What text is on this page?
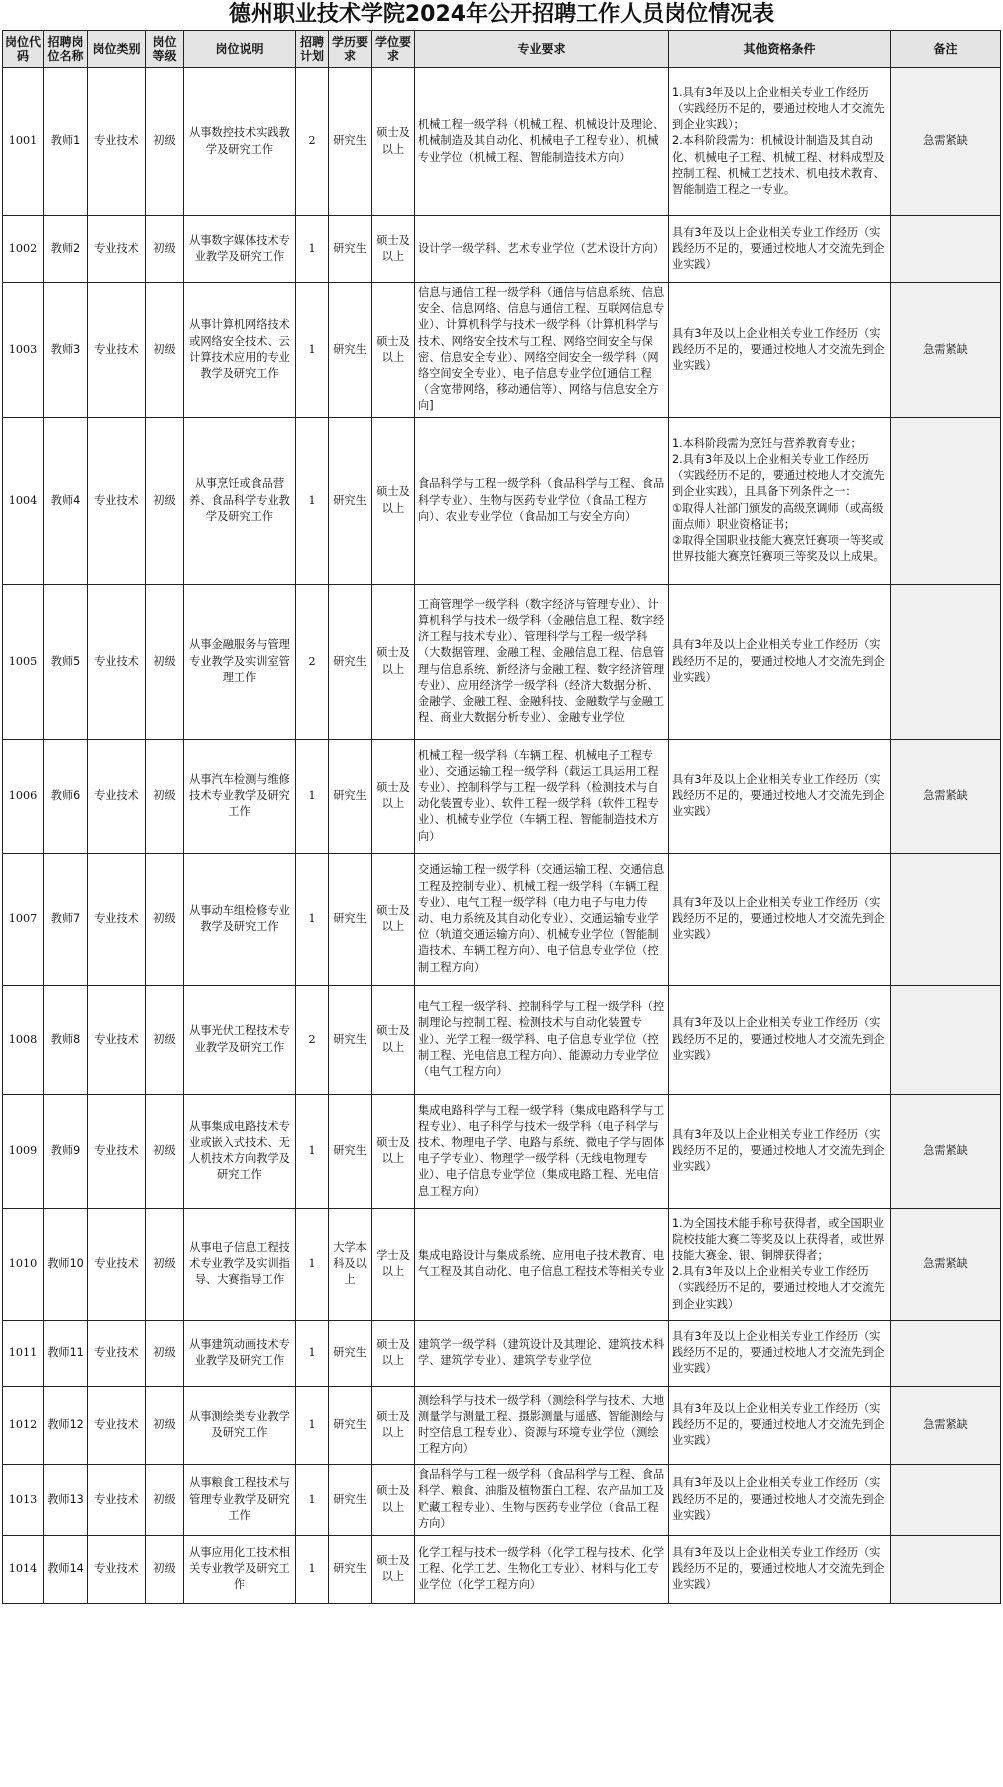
德州职业技术学院2024年公开招聘工作人员岗位情况表
岗位代码	招聘岗位名称	岗位类别	岗位等级	岗位说明	招聘计划	学历要求	学位要求	专业要求	其他资格条件	备注
1001	教师1	专业技术	初级	从事数控技术实践教学及研究工作	2	研究生	硕士及以上	机械工程一级学科（机械工程、机械设计及理论、机械制造及其自动化、机械电子工程专业）、机械专业学位（机械工程、智能制造技术方向）	1.具有3年及以上企业相关专业工作经历（实践经历不足的，要通过校地人才交流先到企业实践）；
2.本科阶段需为：机械设计制造及其自动化、机械电子工程、机械工程、材料成型及控制工程、机械工艺技术、机电技术教育、智能制造工程之一专业。	急需紧缺
1002	教师2	专业技术	初级	从事数字媒体技术专业教学及研究工作	1	研究生	硕士及以上	设计学一级学科、艺术专业学位（艺术设计方向）	具有3年及以上企业相关专业工作经历（实践经历不足的，要通过校地人才交流先到企业实践）	
1003	教师3	专业技术	初级	从事计算机网络技术或网络安全技术、云计算技术应用的专业教学及研究工作	1	研究生	硕士及以上	信息与通信工程一级学科（通信与信息系统、信息安全、信息网络、信息与通信工程、互联网信息专业）、计算机科学与技术一级学科（计算机科学与技术、网络安全技术与工程、网络空间安全与保密、信息安全专业）、网络空间安全一级学科（网络空间安全专业）、电子信息专业学位[通信工程（含宽带网络，移动通信等）、网络与信息安全方向]	具有3年及以上企业相关专业工作经历（实践经历不足的，要通过校地人才交流先到企业实践）	急需紧缺
1004	教师4	专业技术	初级	从事烹饪或食品营养、食品科学专业教学及研究工作	1	研究生	硕士及以上	食品科学与工程一级学科（食品科学与工程、食品科学专业）、生物与医药专业学位（食品工程方向）、农业专业学位（食品加工与安全方向）	1.本科阶段需为烹饪与营养教育专业；
2.具有3年及以上企业相关专业工作经历（实践经历不足的，要通过校地人才交流先到企业实践），且具备下列条件之一：
①取得人社部门颁发的高级烹调师（或高级面点师）职业资格证书；
②取得全国职业技能大赛烹饪赛项一等奖或世界技能大赛烹饪赛项三等奖及以上成果。	
1005	教师5	专业技术	初级	从事金融服务与管理专业教学及实训室管理工作	2	研究生	硕士及以上	工商管理学一级学科（数字经济与管理专业）、计算机科学与技术一级学科（金融信息工程、数字经济工程与技术专业）、管理科学与工程一级学科（大数据管理、金融工程、金融信息工程、信息管理与信息系统、新经济与金融工程、数字经济管理专业）、应用经济学一级学科（经济大数据分析、金融学、金融工程、金融科技、金融数学与金融工程、商业大数据分析专业）、金融专业学位	具有3年及以上企业相关专业工作经历（实践经历不足的，要通过校地人才交流先到企业实践）	
1006	教师6	专业技术	初级	从事汽车检测与维修技术专业教学及研究工作	1	研究生	硕士及以上	机械工程一级学科（车辆工程、机械电子工程专业）、交通运输工程一级学科（载运工具运用工程专业）、控制科学与工程一级学科（检测技术与自动化装置专业）、软件工程一级学科（软件工程专业）、机械专业学位（车辆工程、智能制造技术方向）	具有3年及以上企业相关专业工作经历（实践经历不足的，要通过校地人才交流先到企业实践）	急需紧缺
1007	教师7	专业技术	初级	从事动车组检修专业教学及研究工作	1	研究生	硕士及以上	交通运输工程一级学科（交通运输工程、交通信息工程及控制专业）、机械工程一级学科（车辆工程专业）、电气工程一级学科（电力电子与电力传动、电力系统及其自动化专业）、交通运输专业学位（轨道交通运输方向）、机械专业学位（智能制造技术、车辆工程方向）、电子信息专业学位（控制工程方向）	具有3年及以上企业相关专业工作经历（实践经历不足的，要通过校地人才交流先到企业实践）	
1008	教师8	专业技术	初级	从事光伏工程技术专业教学及研究工作	2	研究生	硕士及以上	电气工程一级学科、控制科学与工程一级学科（控制理论与控制工程、检测技术与自动化装置专业）、光学工程一级学科、电子信息专业学位（控制工程、光电信息工程方向）、能源动力专业学位（电气工程方向）	具有3年及以上企业相关专业工作经历（实践经历不足的，要通过校地人才交流先到企业实践）	
1009	教师9	专业技术	初级	从事集成电路技术专业或嵌入式技术、无人机技术方向教学及研究工作	1	研究生	硕士及以上	集成电路科学与工程一级学科（集成电路科学与工程专业）、电子科学与技术一级学科（电子科学与技术、物理电子学、电路与系统、微电子学与固体电子学专业）、物理学一级学科（无线电物理专业）、电子信息专业学位（集成电路工程、光电信息工程方向）	具有3年及以上企业相关专业工作经历（实践经历不足的，要通过校地人才交流先到企业实践）	急需紧缺
1010	教师10	专业技术	初级	从事电子信息工程技术专业教学及实训指导、大赛指导工作	1	大学本科及以上	学士及以上	集成电路设计与集成系统、应用电子技术教育、电气工程及其自动化、电子信息工程技术等相关专业	1.为全国技术能手称号获得者，或全国职业院校技能大赛二等奖及以上获得者，或世界技能大赛金、银、铜牌获得者；
2.具有3年及以上企业相关专业工作经历（实践经历不足的，要通过校地人才交流先到企业实践）	急需紧缺
1011	教师11	专业技术	初级	从事建筑动画技术专业教学及研究工作	1	研究生	硕士及以上	建筑学一级学科（建筑设计及其理论、建筑技术科学、建筑学专业）、建筑学专业学位	具有3年及以上企业相关专业工作经历（实践经历不足的，要通过校地人才交流先到企业实践）	
1012	教师12	专业技术	初级	从事测绘类专业教学及研究工作	1	研究生	硕士及以上	测绘科学与技术一级学科（测绘科学与技术、大地测量学与测量工程、摄影测量与遥感、智能测绘与时空信息工程专业）、资源与环境专业学位（测绘工程方向）	具有3年及以上企业相关专业工作经历（实践经历不足的，要通过校地人才交流先到企业实践）	急需紧缺
1013	教师13	专业技术	初级	从事粮食工程技术与管理专业教学及研究工作	1	研究生	硕士及以上	食品科学与工程一级学科（食品科学与工程、食品科学、粮食、油脂及植物蛋白工程、农产品加工及贮藏工程专业）、生物与医药专业学位（食品工程方向）	具有3年及以上企业相关专业工作经历（实践经历不足的，要通过校地人才交流先到企业实践）	
1014	教师14	专业技术	初级	从事应用化工技术相关专业教学及研究工作	1	研究生	硕士及以上	化学工程与技术一级学科（化学工程与技术、化学工程、化学工艺、生物化工专业）、材料与化工专业学位（化学工程方向）	具有3年及以上企业相关专业工作经历（实践经历不足的，要通过校地人才交流先到企业实践）	
